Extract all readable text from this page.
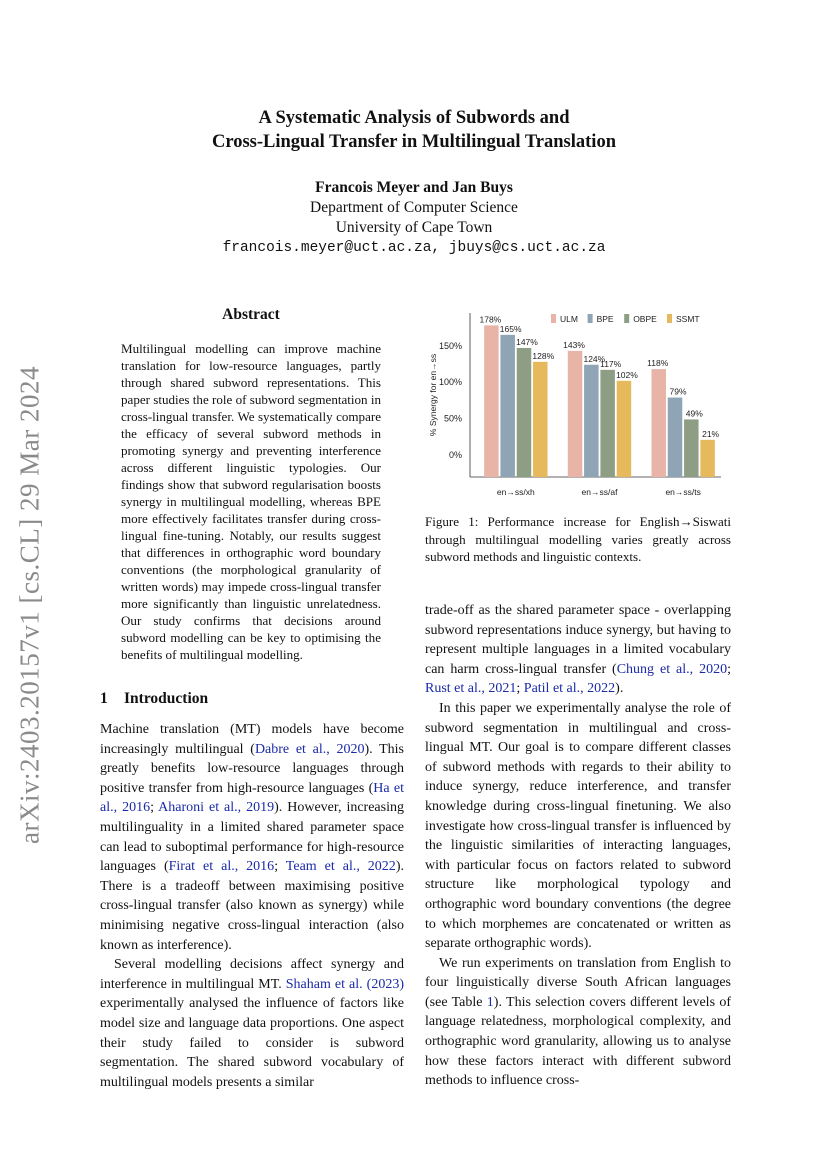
arXiv:2403.20157v1 [cs.CL] 29 Mar 2024
A Systematic Analysis of Subwords and
Cross-Lingual Transfer in Multilingual Translation
Francois Meyer and Jan Buys
Department of Computer Science
University of Cape Town
francois.meyer@uct.ac.za, jbuys@cs.uct.ac.za
Abstract
Multilingual modelling can improve machine translation for low-resource languages, partly through shared subword representations. This paper studies the role of subword segmentation in cross-lingual transfer. We systematically compare the efficacy of several subword methods in promoting synergy and preventing interference across different linguistic typologies. Our findings show that subword regularisation boosts synergy in multilingual modelling, whereas BPE more effectively facilitates transfer during cross-lingual fine-tuning. Notably, our results suggest that differences in orthographic word boundary conventions (the morphological granularity of written words) may impede cross-lingual transfer more significantly than linguistic unrelatedness. Our study confirms that decisions around subword modelling can be key to optimising the benefits of multilingual modelling.
1 Introduction

Machine translation (MT) models have become increasingly multilingual (Dabre et al., 2020). This greatly benefits low-resource languages through positive transfer from high-resource languages (Ha et al., 2016; Aharoni et al., 2019). However, increasing multilinguality in a limited shared parameter space can lead to suboptimal performance for high-resource languages (Firat et al., 2016; Team et al., 2022). There is a tradeoff between maximising positive cross-lingual transfer (also known as synergy) while minimising negative cross-lingual interaction (also known as interference).

Several modelling decisions affect synergy and interference in multilingual MT. Shaham et al. (2023) experimentally analysed the influence of factors like model size and language data proportions. One aspect their study failed to consider is subword segmentation. The shared subword vocabulary of multilingual models presents a similar

0%
50%
100%
150%
% Synergy for en→ss
178%
165%
147%
128%
en→ss/xh
143%
124%
117%
102%
en→ss/af
118%
79%
49%
21%
en→ss/ts
ULM BPE OBPE SSMT
Figure 1: Performance increase for English→Siswati through multilingual modelling varies greatly across subword methods and linguistic contexts.

trade-off as the shared parameter space - overlapping subword representations induce synergy, but having to represent multiple languages in a limited vocabulary can harm cross-lingual transfer (Chung et al., 2020; Rust et al., 2021; Patil et al., 2022).

In this paper we experimentally analyse the role of subword segmentation in multilingual and cross-lingual MT. Our goal is to compare different classes of subword methods with regards to their ability to induce synergy, reduce interference, and transfer knowledge during cross-lingual finetuning. We also investigate how cross-lingual transfer is influenced by the linguistic similarities of interacting languages, with particular focus on factors related to subword structure like morphological typology and orthographic word boundary conventions (the degree to which morphemes are concatenated or written as separate orthographic words).

We run experiments on translation from English to four linguistically diverse South African languages (see Table 1). This selection covers different levels of language relatedness, morphological complexity, and orthographic word granularity, allowing us to analyse how these factors interact with different subword methods to influence cross-
